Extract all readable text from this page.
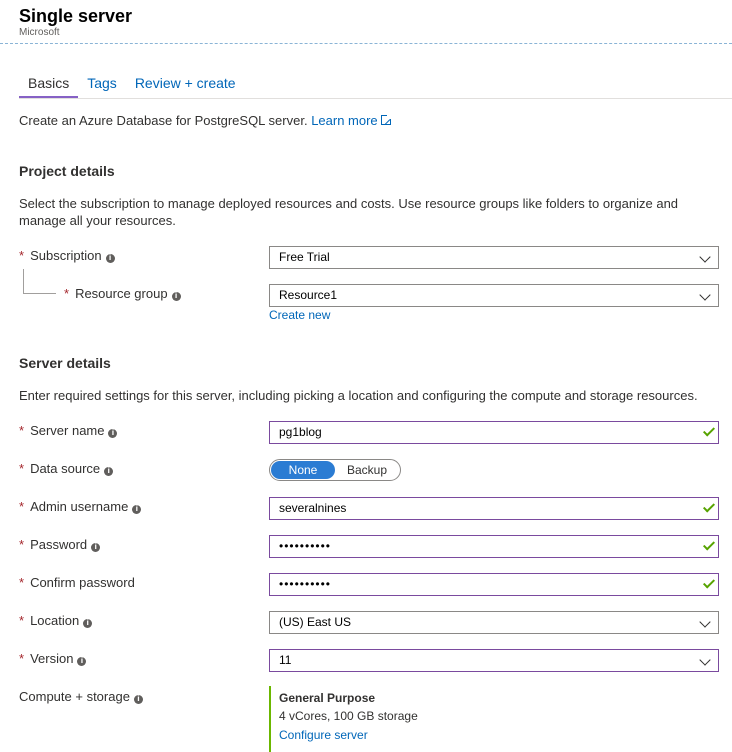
Single server
Microsoft
Basics	Tags	Review + create
Create an Azure Database for PostgreSQL server. Learn more
Project details
Select the subscription to manage deployed resources and costs. Use resource groups like folders to organize and manage all your resources.
* Subscription i	Free Trial
* Resource group i	Resource1
Create new
Server details
Enter required settings for this server, including picking a location and configuring the compute and storage resources.
* Server name i	pg1blog
* Data source i	None	Backup
* Admin username i	severalnines
* Password i	••••••••••
* Confirm password	••••••••••
* Location i	(US) East US
* Version i	11
Compute + storage i	General Purpose
4 vCores, 100 GB storage
Configure server
